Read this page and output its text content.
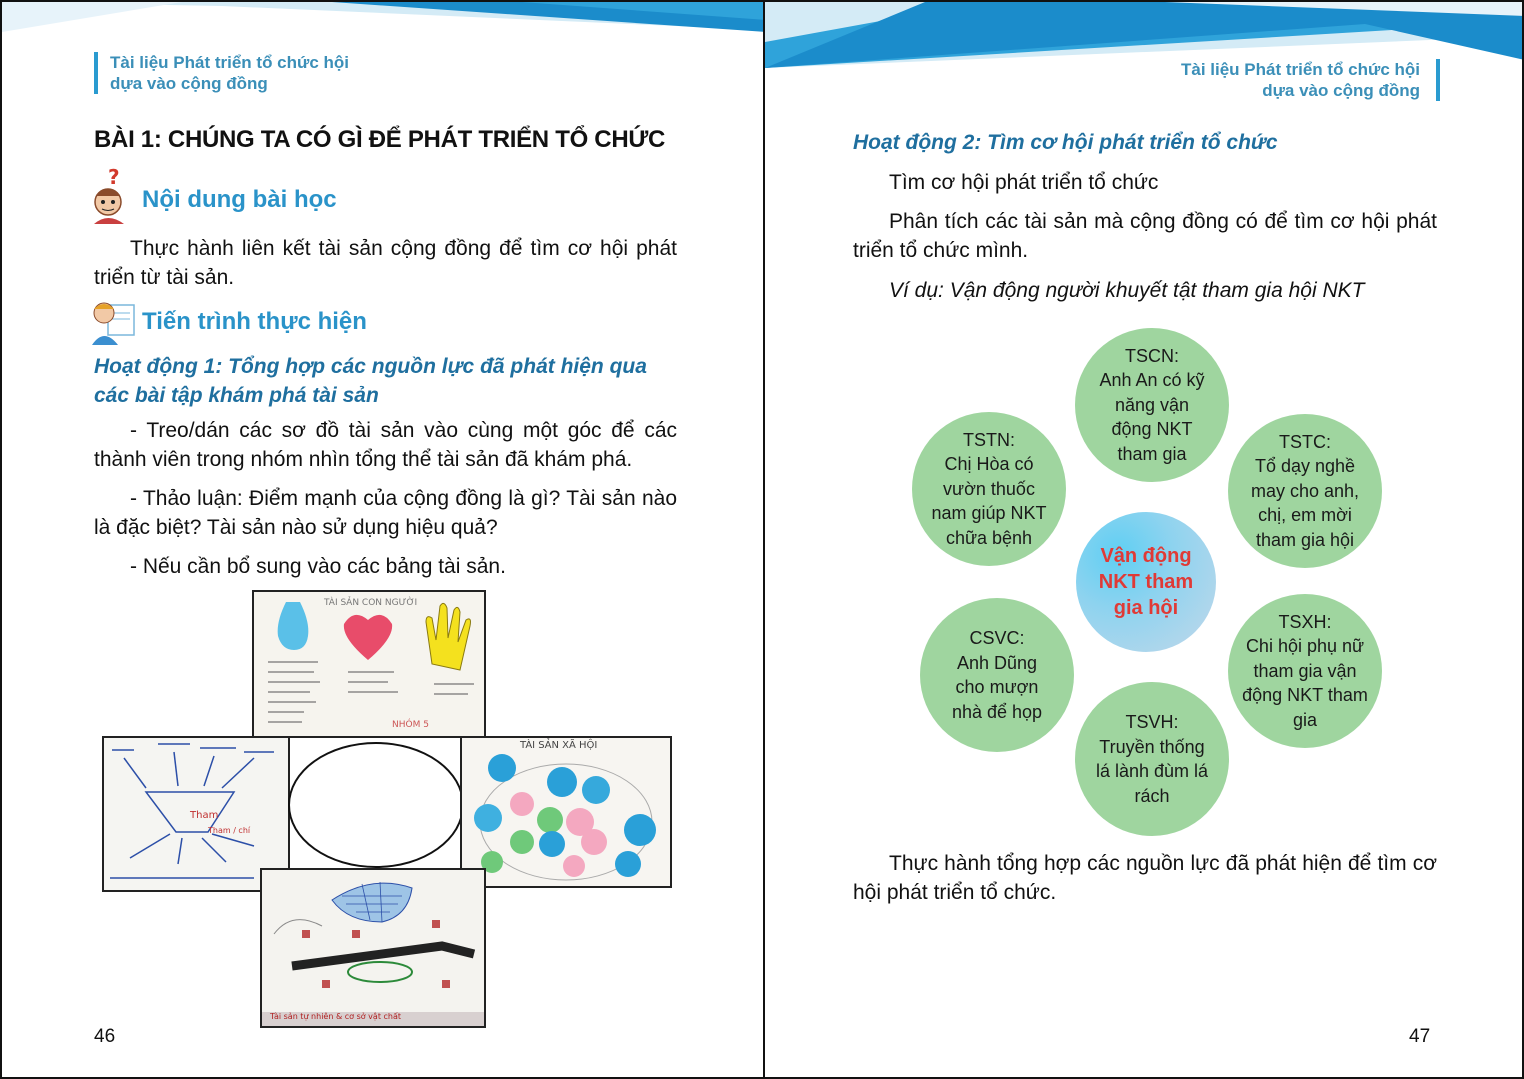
Tài liệu Phát triển tổ chức hội
dựa vào cộng đồng
BÀI 1: CHÚNG TA CÓ GÌ ĐỂ PHÁT TRIỂN TỔ CHỨC
?
Nội dung bài học
Thực hành liên kết tài sản cộng đồng để tìm cơ hội phát triển từ tài sản.
Tiến trình thực hiện
Hoạt động 1: Tổng hợp các nguồn lực đã phát hiện qua các bài tập khám phá tài sản
- Treo/dán các sơ đồ tài sản vào cùng một góc để các thành viên trong nhóm nhìn tổng thể tài sản đã khám phá.
- Thảo luận: Điểm mạnh của cộng đồng là gì? Tài sản nào là đặc biệt? Tài sản nào sử dụng hiệu quả?
- Nếu cần bổ sung vào các bảng tài sản.
TÀI SẢN CON NGƯỜI
NHÓM 5
Tham
Tham / chí
TÀI SẢN XÃ HỘI
Tài sản tự nhiên & cơ sở vật chất
46
Tài liệu Phát triển tổ chức hội
dựa vào cộng đồng
Hoạt động 2: Tìm cơ hội phát triển tổ chức
Tìm cơ hội phát triển tổ chức
Phân tích các tài sản mà cộng đồng có để tìm cơ hội phát triển tổ chức mình.
Ví dụ: Vận động người khuyết tật tham gia hội NKT
TSCN:
Anh An có kỹ năng vận động NKT tham gia
TSTN:
Chị Hòa có vườn thuốc nam giúp NKT chữa bệnh
TSTC:
Tổ dạy nghề may cho anh, chị, em mời tham gia hội
Vận động NKT tham gia hội
CSVC:
Anh Dũng cho mượn nhà để họp
TSXH:
Chi hội phụ nữ tham gia vận động NKT tham gia
TSVH:
Truyền thống lá lành đùm lá rách
Thực hành tổng hợp các nguồn lực đã phát hiện để tìm cơ hội phát triển tổ chức.
47
